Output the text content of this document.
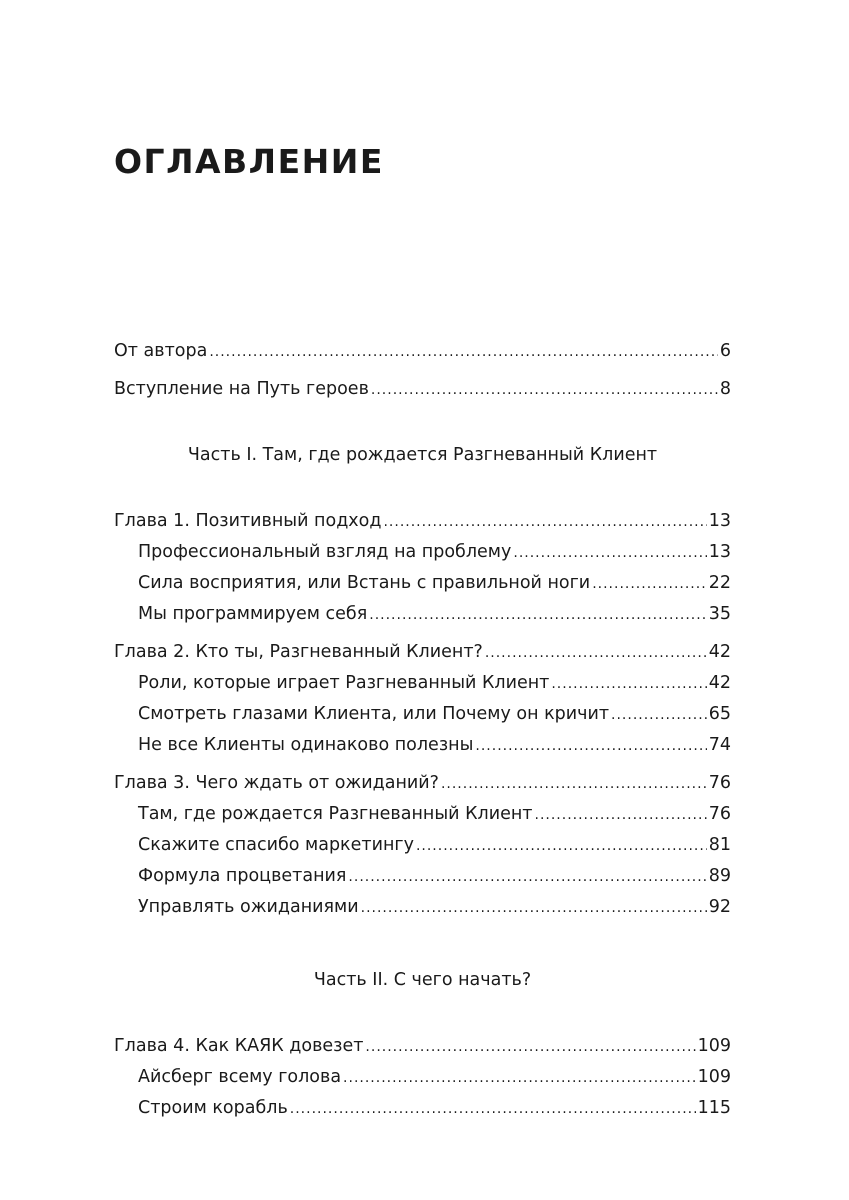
ОГЛАВЛЕНИЕ
От автора .....	6
Вступление на Путь героев .....	8
Часть I. Там, где рождается Разгневанный Клиент
Глава 1. Позитивный подход .....	13
Профессиональный взгляд на проблему .....	13
Сила восприятия, или Встань с правильной ноги .....	22
Мы программируем себя .....	35
Глава 2. Кто ты, Разгневанный Клиент? .....	42
Роли, которые играет Разгневанный Клиент .....	42
Смотреть глазами Клиента, или Почему он кричит .....	65
Не все Клиенты одинаково полезны .....	74
Глава 3. Чего ждать от ожиданий? .....	76
Там, где рождается Разгневанный Клиент .....	76
Скажите спасибо маркетингу .....	81
Формула процветания .....	89
Управлять ожиданиями .....	92
Часть II. С чего начать?
Глава 4. Как КАЯК довезет .....	109
Айсберг всему голова .....	109
Строим корабль .....	115
